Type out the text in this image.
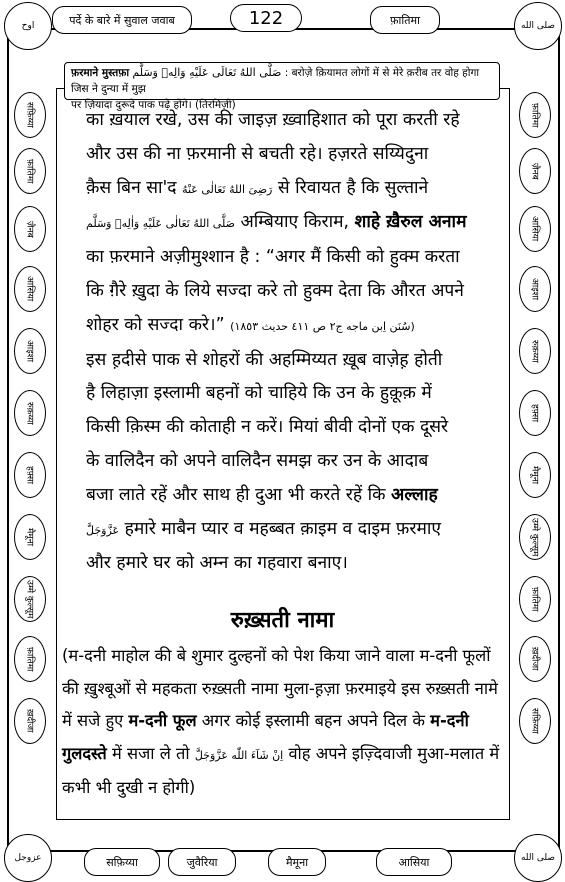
اوح	पर्दे के बारे में सुवाल जवाब	फ़ातिमा	صلى الله
122
फ़रमाने मुस्तफ़ा صَلَّى اللهُ تَعَالَى عَلَيْهِ وَالِهٖ وَسَلَّم : बरोज़े क़ियामत लोगों में से मेरे क़रीब तर वोह होगा जिस ने दुन्या में मुझ
पर ज़ियादा दुरूदे पाक पढ़े होंगे। (तिरमिज़ी)
सफ़िय्या
फ़ातिमा
ज़ैनब
आसिया
आइशा
रुक़य्या
हफ़्सा
मैमूना
उम्मे कुल्सूम
फ़ातिमा
ख़दीजा
फ़ातिमा
ज़ैनब
आसिया
आइशा
रुक़य्या
हफ़्सा
मैमूना
उम्मे कुल्सूम
फ़ातिमा
ख़दीजा
सफ़िय्या

का ख़याल रखे, उस की जाइज़ ख़्वाहिशात को पूरा करती रहे

और उस की ना फ़रमानी से बचती रहे। हज़रते सय्यिदुना

क़ैस बिन सा'द رَضِیَ اللهُ تَعَالٰی عَنْهُ से रिवायत है कि सुल्ताने

صَلَّی اللهُ تَعَالٰی عَلَیْهِ وَاٰلِهٖ وَسَلَّم अम्बियाए किराम, शाहे ख़ैरुल अनाम

का फ़रमाने अज़ीमुश्शान है : “अगर मैं किसी को हुक्म करता

कि ग़ैरे ख़ुदा के लिये सज्दा करे तो हुक्म देता कि औरत अपने

शोहर को सज्दा करे।” (سُنَن اِبن ماجه ج۲ ص ٤١١ حديث ١٨٥٣)

इस ह़दीसे पाक से शोहरों की अहम्मिय्यत ख़ूब वाज़ेह़ होती

है लिहाज़ा इस्लामी बहनों को चाहिये कि उन के हुक़ूक़ में

किसी क़िस्म की कोताही न करें। मियां बीवी दोनों एक दूसरे

के वालिदैन को अपने वालिदैन समझ कर उन के आदाब

बजा लाते रहें और साथ ही दुआ भी करते रहें कि अल्लाह

عَزَّوَجَلَّ हमारे माबैन प्यार व महब्बत क़ाइम व दाइम फ़रमाए

और हमारे घर को अम्न का गहवारा बनाए।

रुख़्सती नामा

(म-दनी माहोल की बे शुमार दुल्हनों को पेश किया जाने वाला म-दनी फूलों

की ख़ुश्बूओं से महकता रुख़्सती नामा मुला-ह़ज़ा फ़रमाइये इस रुख़्सती नामे

में सजे हुए म-दनी फूल अगर कोई इस्लामी बहन अपने दिल के म-दनी

गुलदस्ते में सजा ले तो اِنْ شَآءَ اللّٰه عَزَّوَجَلَّ वोह अपने इज़्दिवाजी मुआ-मलात में

कभी भी दुखी न होगी)

عزوجل	सफ़िय्या	जुवैरिया	मैमूना	आसिया	صلى الله
